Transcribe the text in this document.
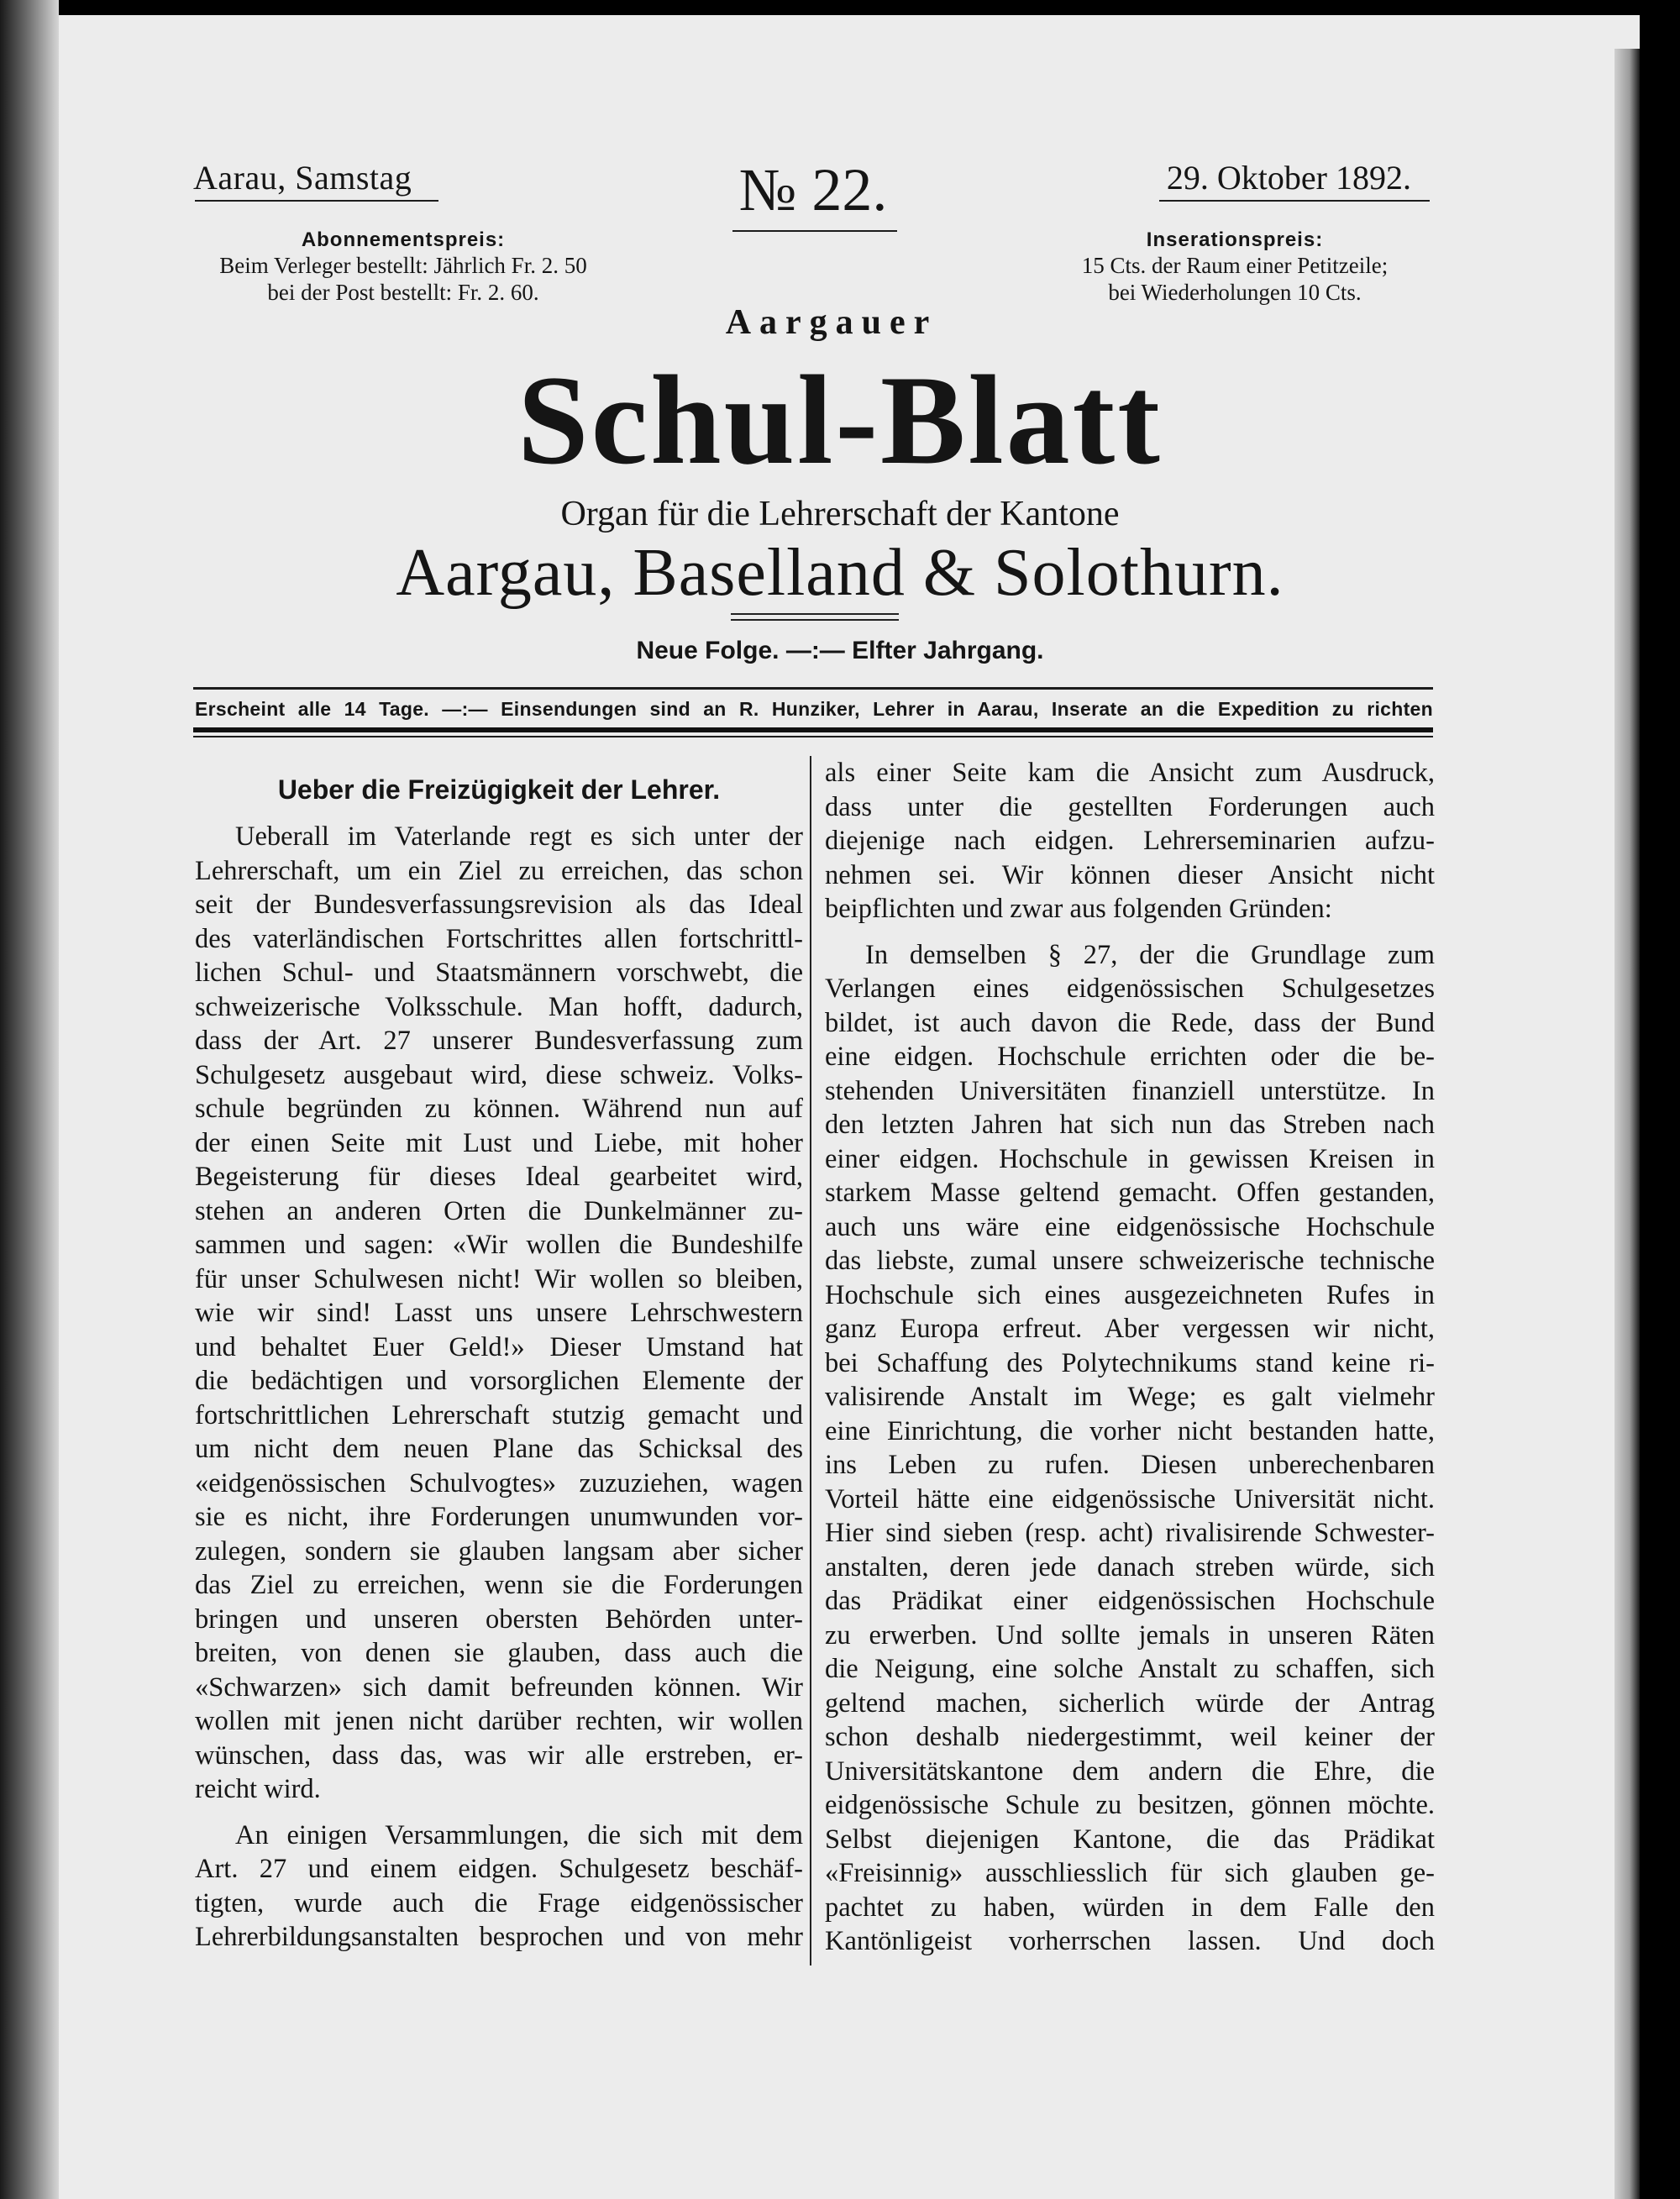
Aarau, Samstag	№ 22.	29. Oktober 1892.
Abonnementspreis:
Beim Verleger bestellt: Jährlich Fr. 2. 50
bei der Post bestellt: Fr. 2. 60.
Inserationspreis:
15 Cts. der Raum einer Petitzeile;
bei Wiederholungen 10 Cts.
Aargauer
Schul-Blatt
Organ für die Lehrerschaft der Kantone
Aargau, Baselland & Solothurn.
Neue Folge. —:— Elfter Jahrgang.
Erscheint alle 14 Tage. —:— Einsendungen sind an R. Hunziker, Lehrer in Aarau, Inserate an die Expedition zu richten
Ueber die Freizügigkeit der Lehrer.
Ueberall im Vaterlande regt es sich unter der
Lehrerschaft, um ein Ziel zu erreichen, das schon
seit der Bundesverfassungsrevision als das Ideal
des vaterländischen Fortschrittes allen fortschrittl-
lichen Schul- und Staatsmännern vorschwebt, die
schweizerische Volksschule. Man hofft, dadurch,
dass der Art. 27 unserer Bundesverfassung zum
Schulgesetz ausgebaut wird, diese schweiz. Volks-
schule begründen zu können. Während nun auf
der einen Seite mit Lust und Liebe, mit hoher
Begeisterung für dieses Ideal gearbeitet wird,
stehen an anderen Orten die Dunkelmänner zu-
sammen und sagen: «Wir wollen die Bundeshilfe
für unser Schulwesen nicht! Wir wollen so bleiben,
wie wir sind! Lasst uns unsere Lehrschwestern
und behaltet Euer Geld!» Dieser Umstand hat
die bedächtigen und vorsorglichen Elemente der
fortschrittlichen Lehrerschaft stutzig gemacht und
um nicht dem neuen Plane das Schicksal des
«eidgenössischen Schulvogtes» zuzuziehen, wagen
sie es nicht, ihre Forderungen unumwunden vor-
zulegen, sondern sie glauben langsam aber sicher
das Ziel zu erreichen, wenn sie die Forderungen
bringen und unseren obersten Behörden unter-
breiten, von denen sie glauben, dass auch die
«Schwarzen» sich damit befreunden können. Wir
wollen mit jenen nicht darüber rechten, wir wollen
wünschen, dass das, was wir alle erstreben, er-
reicht wird.
An einigen Versammlungen, die sich mit dem
Art. 27 und einem eidgen. Schulgesetz beschäf-
tigten, wurde auch die Frage eidgenössischer
Lehrerbildungsanstalten besprochen und von mehr
als einer Seite kam die Ansicht zum Ausdruck,
dass unter die gestellten Forderungen auch
diejenige nach eidgen. Lehrerseminarien aufzu-
nehmen sei. Wir können dieser Ansicht nicht
beipflichten und zwar aus folgenden Gründen:
In demselben § 27, der die Grundlage zum
Verlangen eines eidgenössischen Schulgesetzes
bildet, ist auch davon die Rede, dass der Bund
eine eidgen. Hochschule errichten oder die be-
stehenden Universitäten finanziell unterstütze. In
den letzten Jahren hat sich nun das Streben nach
einer eidgen. Hochschule in gewissen Kreisen in
starkem Masse geltend gemacht. Offen gestanden,
auch uns wäre eine eidgenössische Hochschule
das liebste, zumal unsere schweizerische technische
Hochschule sich eines ausgezeichneten Rufes in
ganz Europa erfreut. Aber vergessen wir nicht,
bei Schaffung des Polytechnikums stand keine ri-
valisirende Anstalt im Wege; es galt vielmehr
eine Einrichtung, die vorher nicht bestanden hatte,
ins Leben zu rufen. Diesen unberechenbaren
Vorteil hätte eine eidgenössische Universität nicht.
Hier sind sieben (resp. acht) rivalisirende Schwester-
anstalten, deren jede danach streben würde, sich
das Prädikat einer eidgenössischen Hochschule
zu erwerben. Und sollte jemals in unseren Räten
die Neigung, eine solche Anstalt zu schaffen, sich
geltend machen, sicherlich würde der Antrag
schon deshalb niedergestimmt, weil keiner der
Universitätskantone dem andern die Ehre, die
eidgenössische Schule zu besitzen, gönnen möchte.
Selbst diejenigen Kantone, die das Prädikat
«Freisinnig» ausschliesslich für sich glauben ge-
pachtet zu haben, würden in dem Falle den
Kantönligeist vorherrschen lassen. Und doch
